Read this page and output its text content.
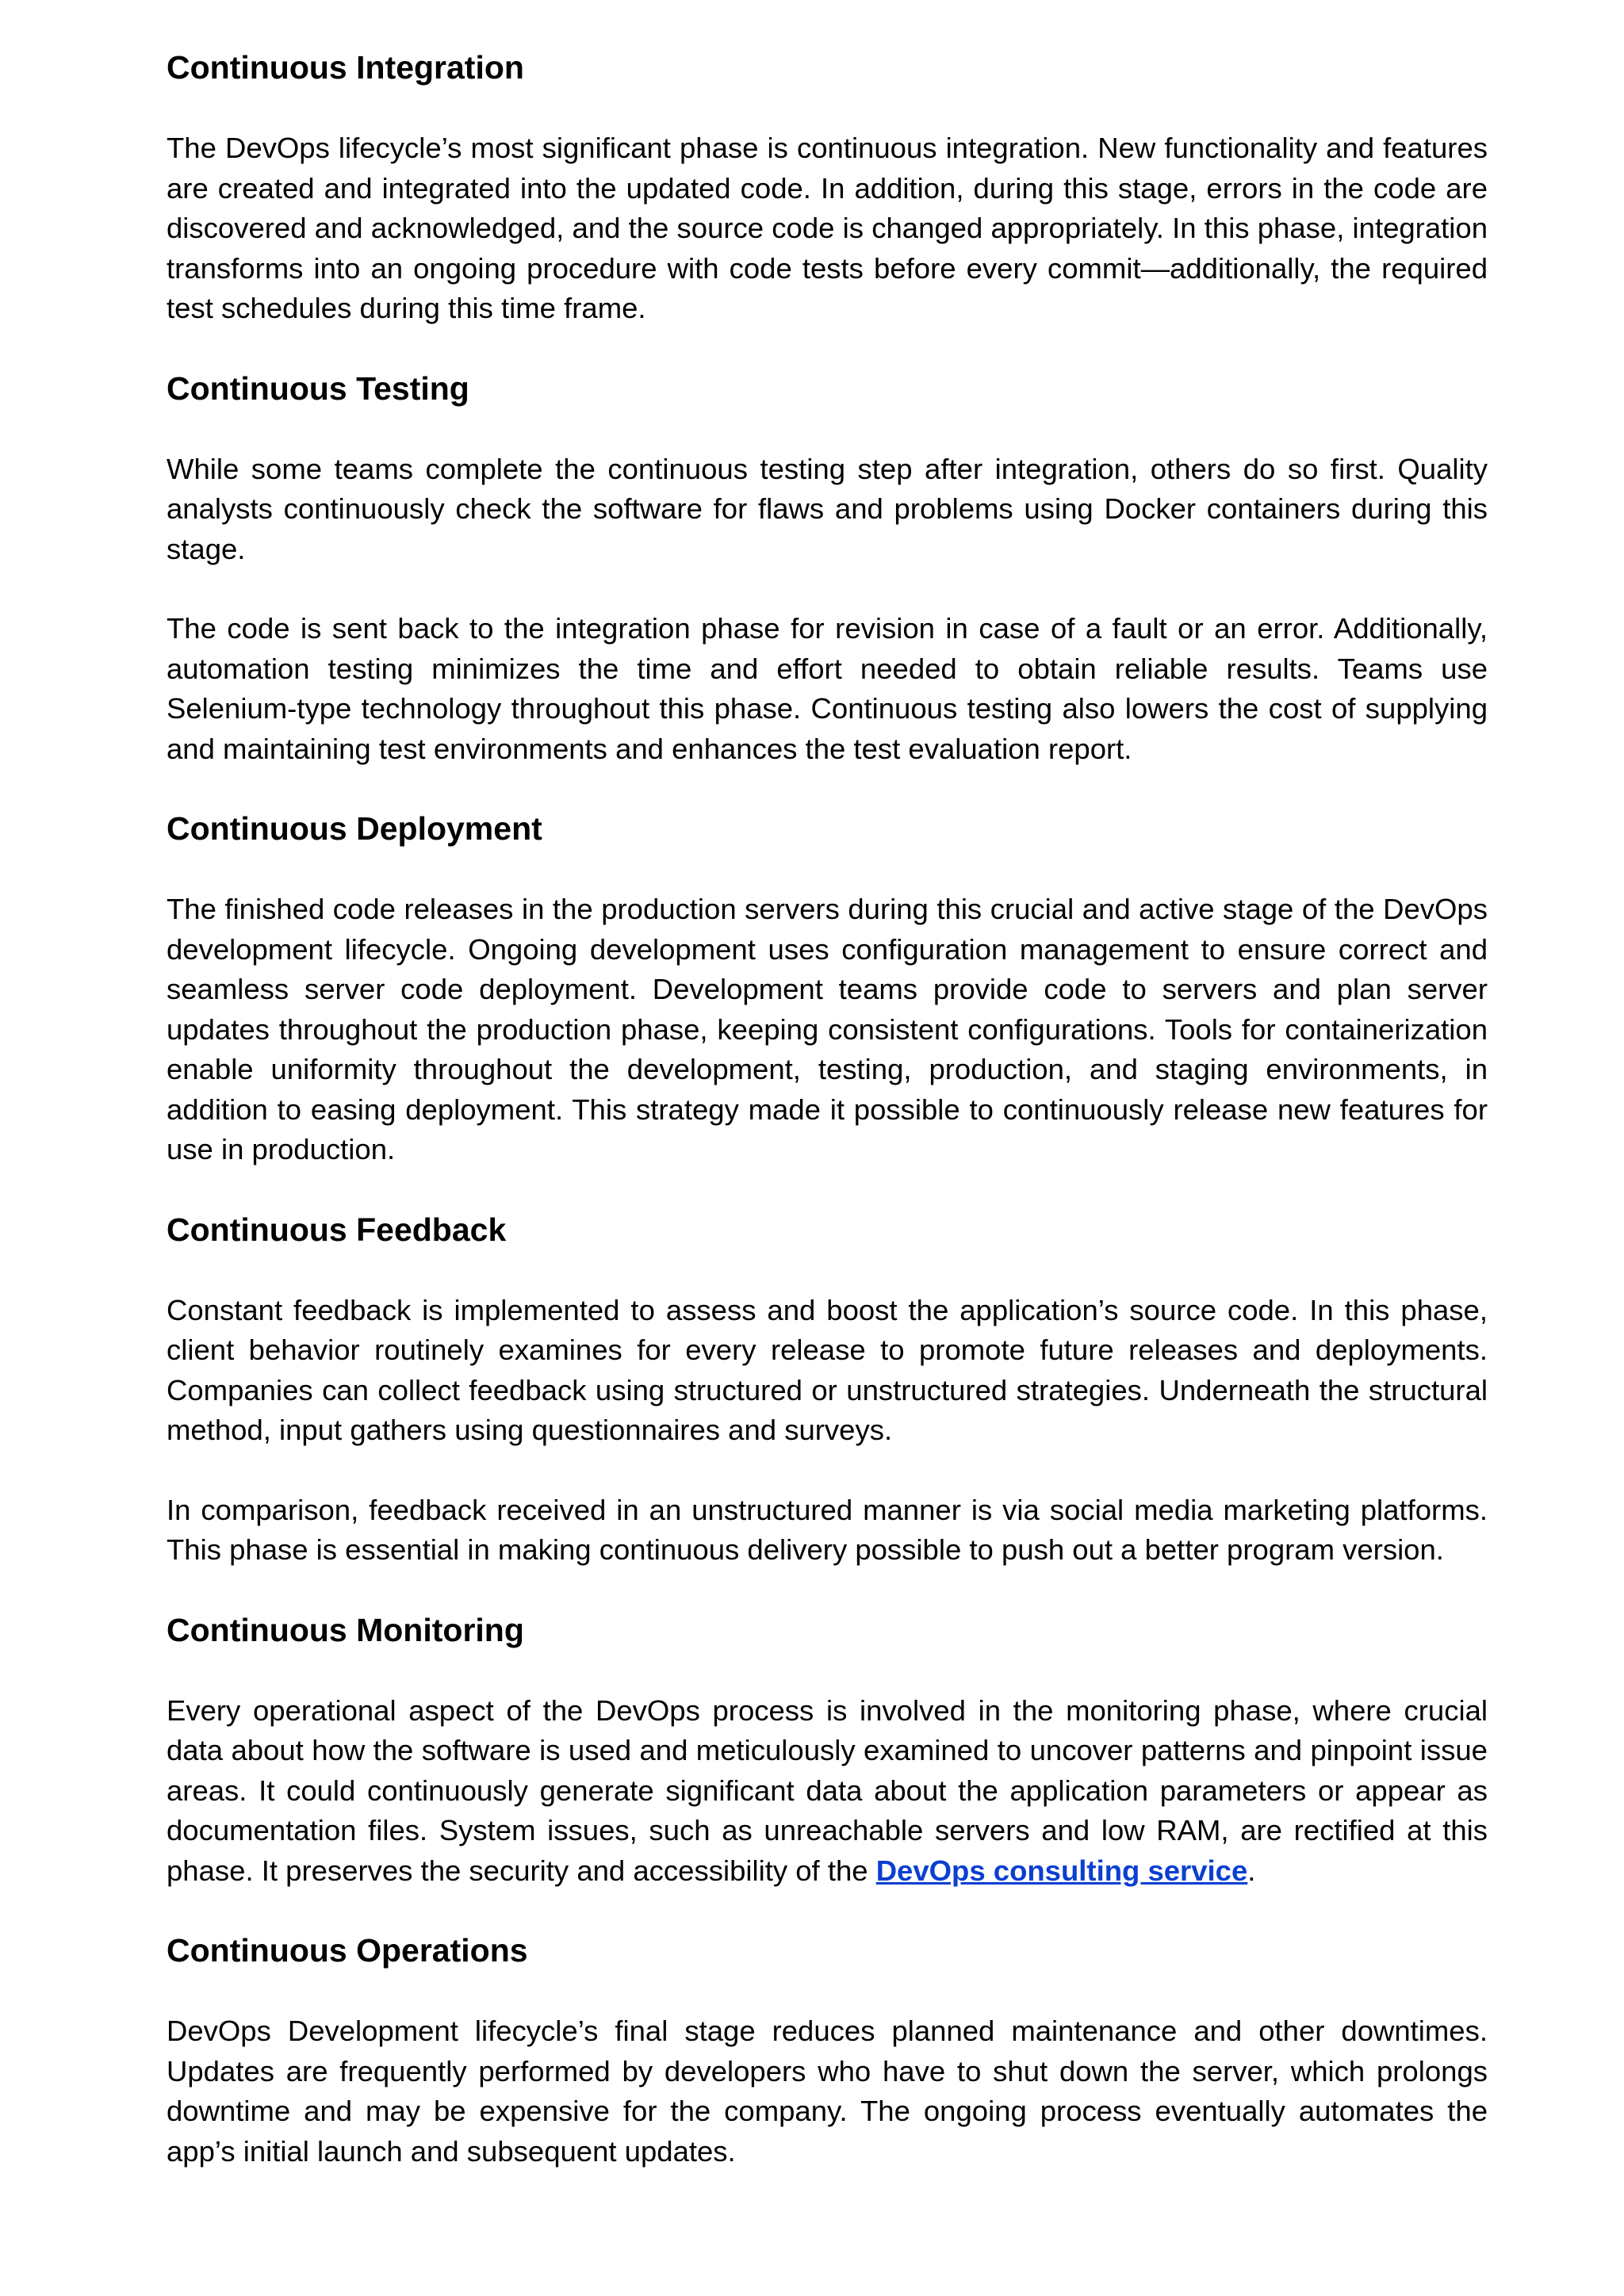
Continuous Integration

The DevOps lifecycle’s most significant phase is continuous integration. New functionality and features are created and integrated into the updated code. In addition, during this stage, errors in the code are discovered and acknowledged, and the source code is changed appropriately. In this phase, integration transforms into an ongoing procedure with code tests before every commit—additionally, the required test schedules during this time frame.

Continuous Testing

While some teams complete the continuous testing step after integration, others do so first. Quality analysts continuously check the software for flaws and problems using Docker containers during this stage.

The code is sent back to the integration phase for revision in case of a fault or an error. Additionally, automation testing minimizes the time and effort needed to obtain reliable results. Teams use Selenium-type technology throughout this phase. Continuous testing also lowers the cost of supplying and maintaining test environments and enhances the test evaluation report.

Continuous Deployment

The finished code releases in the production servers during this crucial and active stage of the DevOps development lifecycle. Ongoing development uses configuration management to ensure correct and seamless server code deployment. Development teams provide code to servers and plan server updates throughout the production phase, keeping consistent configurations. Tools for containerization enable uniformity throughout the development, testing, production, and staging environments, in addition to easing deployment. This strategy made it possible to continuously release new features for use in production.

Continuous Feedback

Constant feedback is implemented to assess and boost the application’s source code. In this phase, client behavior routinely examines for every release to promote future releases and deployments. Companies can collect feedback using structured or unstructured strategies. Underneath the structural method, input gathers using questionnaires and surveys.

In comparison, feedback received in an unstructured manner is via social media marketing platforms. This phase is essential in making continuous delivery possible to push out a better program version.

Continuous Monitoring

Every operational aspect of the DevOps process is involved in the monitoring phase, where crucial data about how the software is used and meticulously examined to uncover patterns and pinpoint issue areas. It could continuously generate significant data about the application parameters or appear as documentation files. System issues, such as unreachable servers and low RAM, are rectified at this phase. It preserves the security and accessibility of the DevOps consulting service.

Continuous Operations

DevOps Development lifecycle’s final stage reduces planned maintenance and other downtimes. Updates are frequently performed by developers who have to shut down the server, which prolongs downtime and may be expensive for the company. The ongoing process eventually automates the app’s initial launch and subsequent updates.
